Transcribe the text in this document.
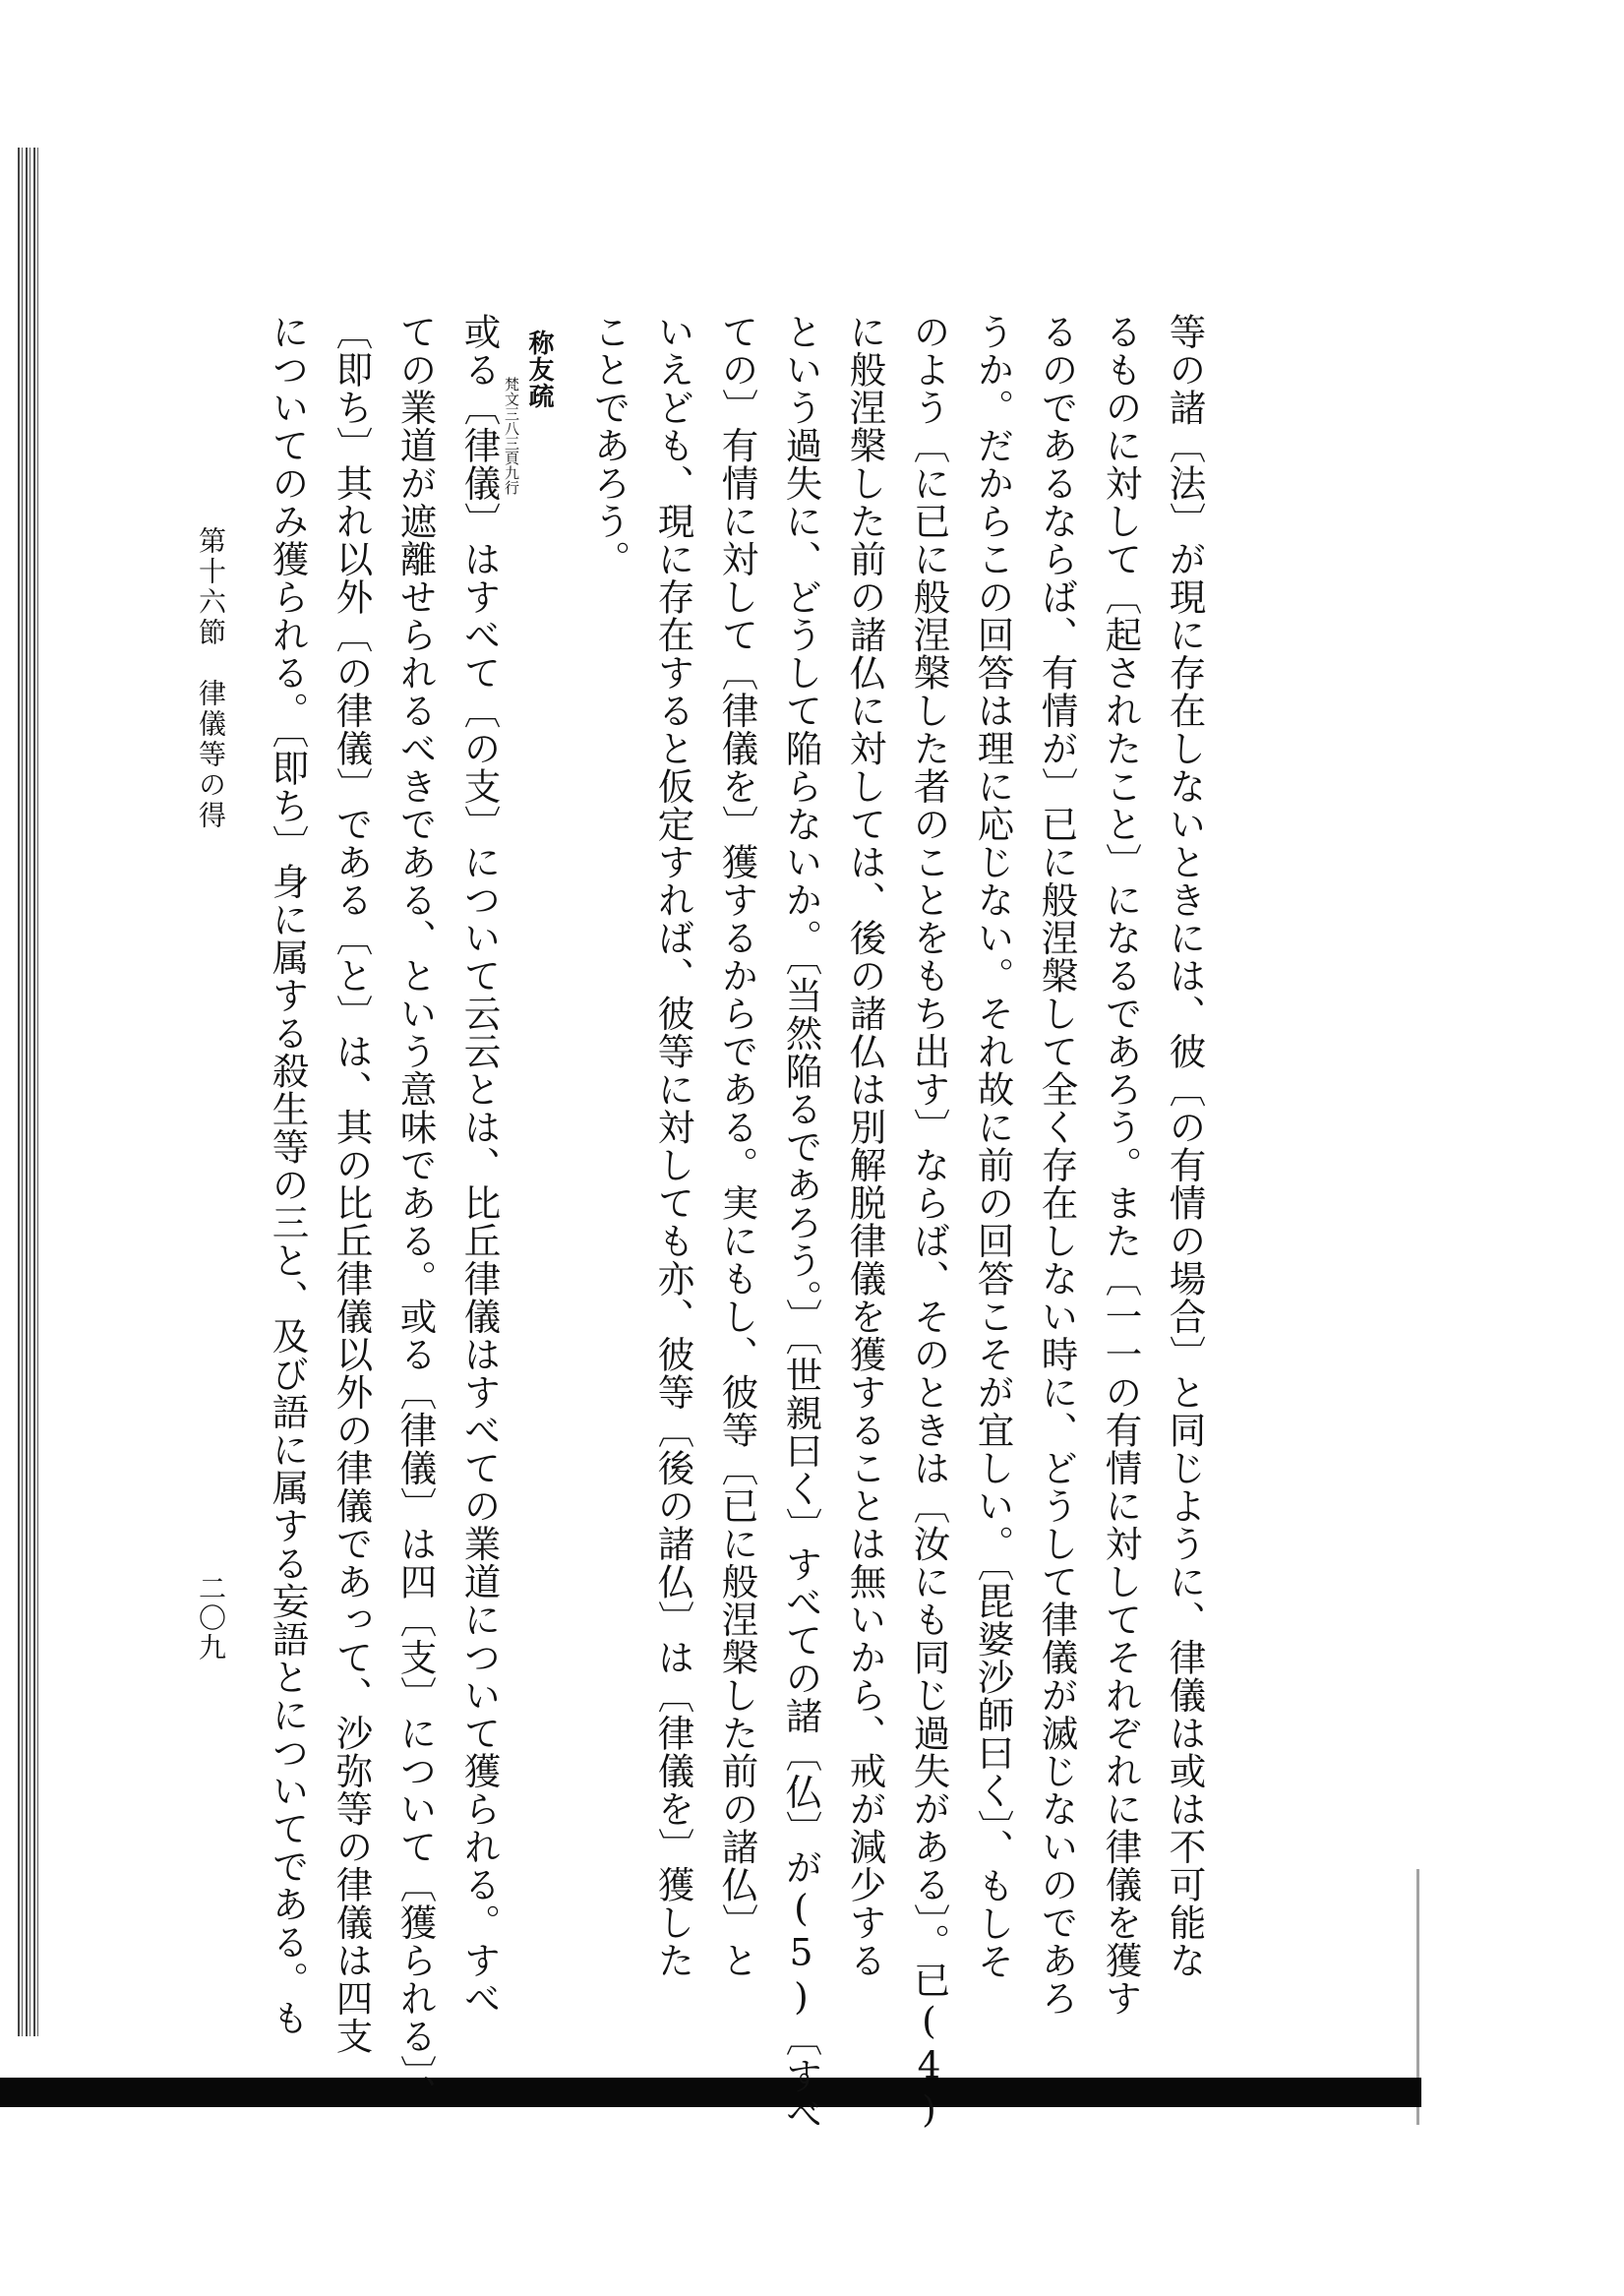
等の諸〔法〕が現に存在しないときには、彼〔の有情の場合〕と同じように、律儀は或は不可能な
るものに対して〔起されたこと〕になるであろう。また〔一一の有情に対してそれぞれに律儀を獲す
るのであるならば、有情が〕已に般涅槃して全く存在しない時に、どうして律儀が滅じないのであろ
うか。だからこの回答は理に応じない。それ故に前の回答こそが宜しい。〔毘婆沙師曰く〕、もしそ
のよう〔に已に般涅槃した者のことをもち出す〕ならば、そのときは〔汝にも同じ過失がある〕。已(4)
に般涅槃した前の諸仏に対しては、後の諸仏は別解脱律儀を獲することは無いから、戒が減少する
という過失に、どうして陥らないか。〔当然陥るであろう。〕〔世親曰く〕すべての諸〔仏〕が(5)〔すべ
ての〕有情に対して〔律儀を〕獲するからである。実にもし、彼等〔已に般涅槃した前の諸仏〕と
いえども、現に存在すると仮定すれば、彼等に対しても亦、彼等〔後の諸仏〕は〔律儀を〕獲した
ことであろう。
称友疏
梵文三八三頁九行
或る〔律儀〕はすべて〔の支〕について云云とは、比丘律儀はすべての業道について獲られる。すべ
ての業道が遮離せられるべきである、という意味である。或る〔律儀〕は四〔支〕について〔獲られる〕、
〔即ち〕其れ以外〔の律儀〕である〔と〕は、其の比丘律儀以外の律儀であって、沙弥等の律儀は四支
についてのみ獲られる。〔即ち〕身に属する殺生等の三と、及び語に属する妄語とについてである。も
第十六節　律儀等の得
二〇九
